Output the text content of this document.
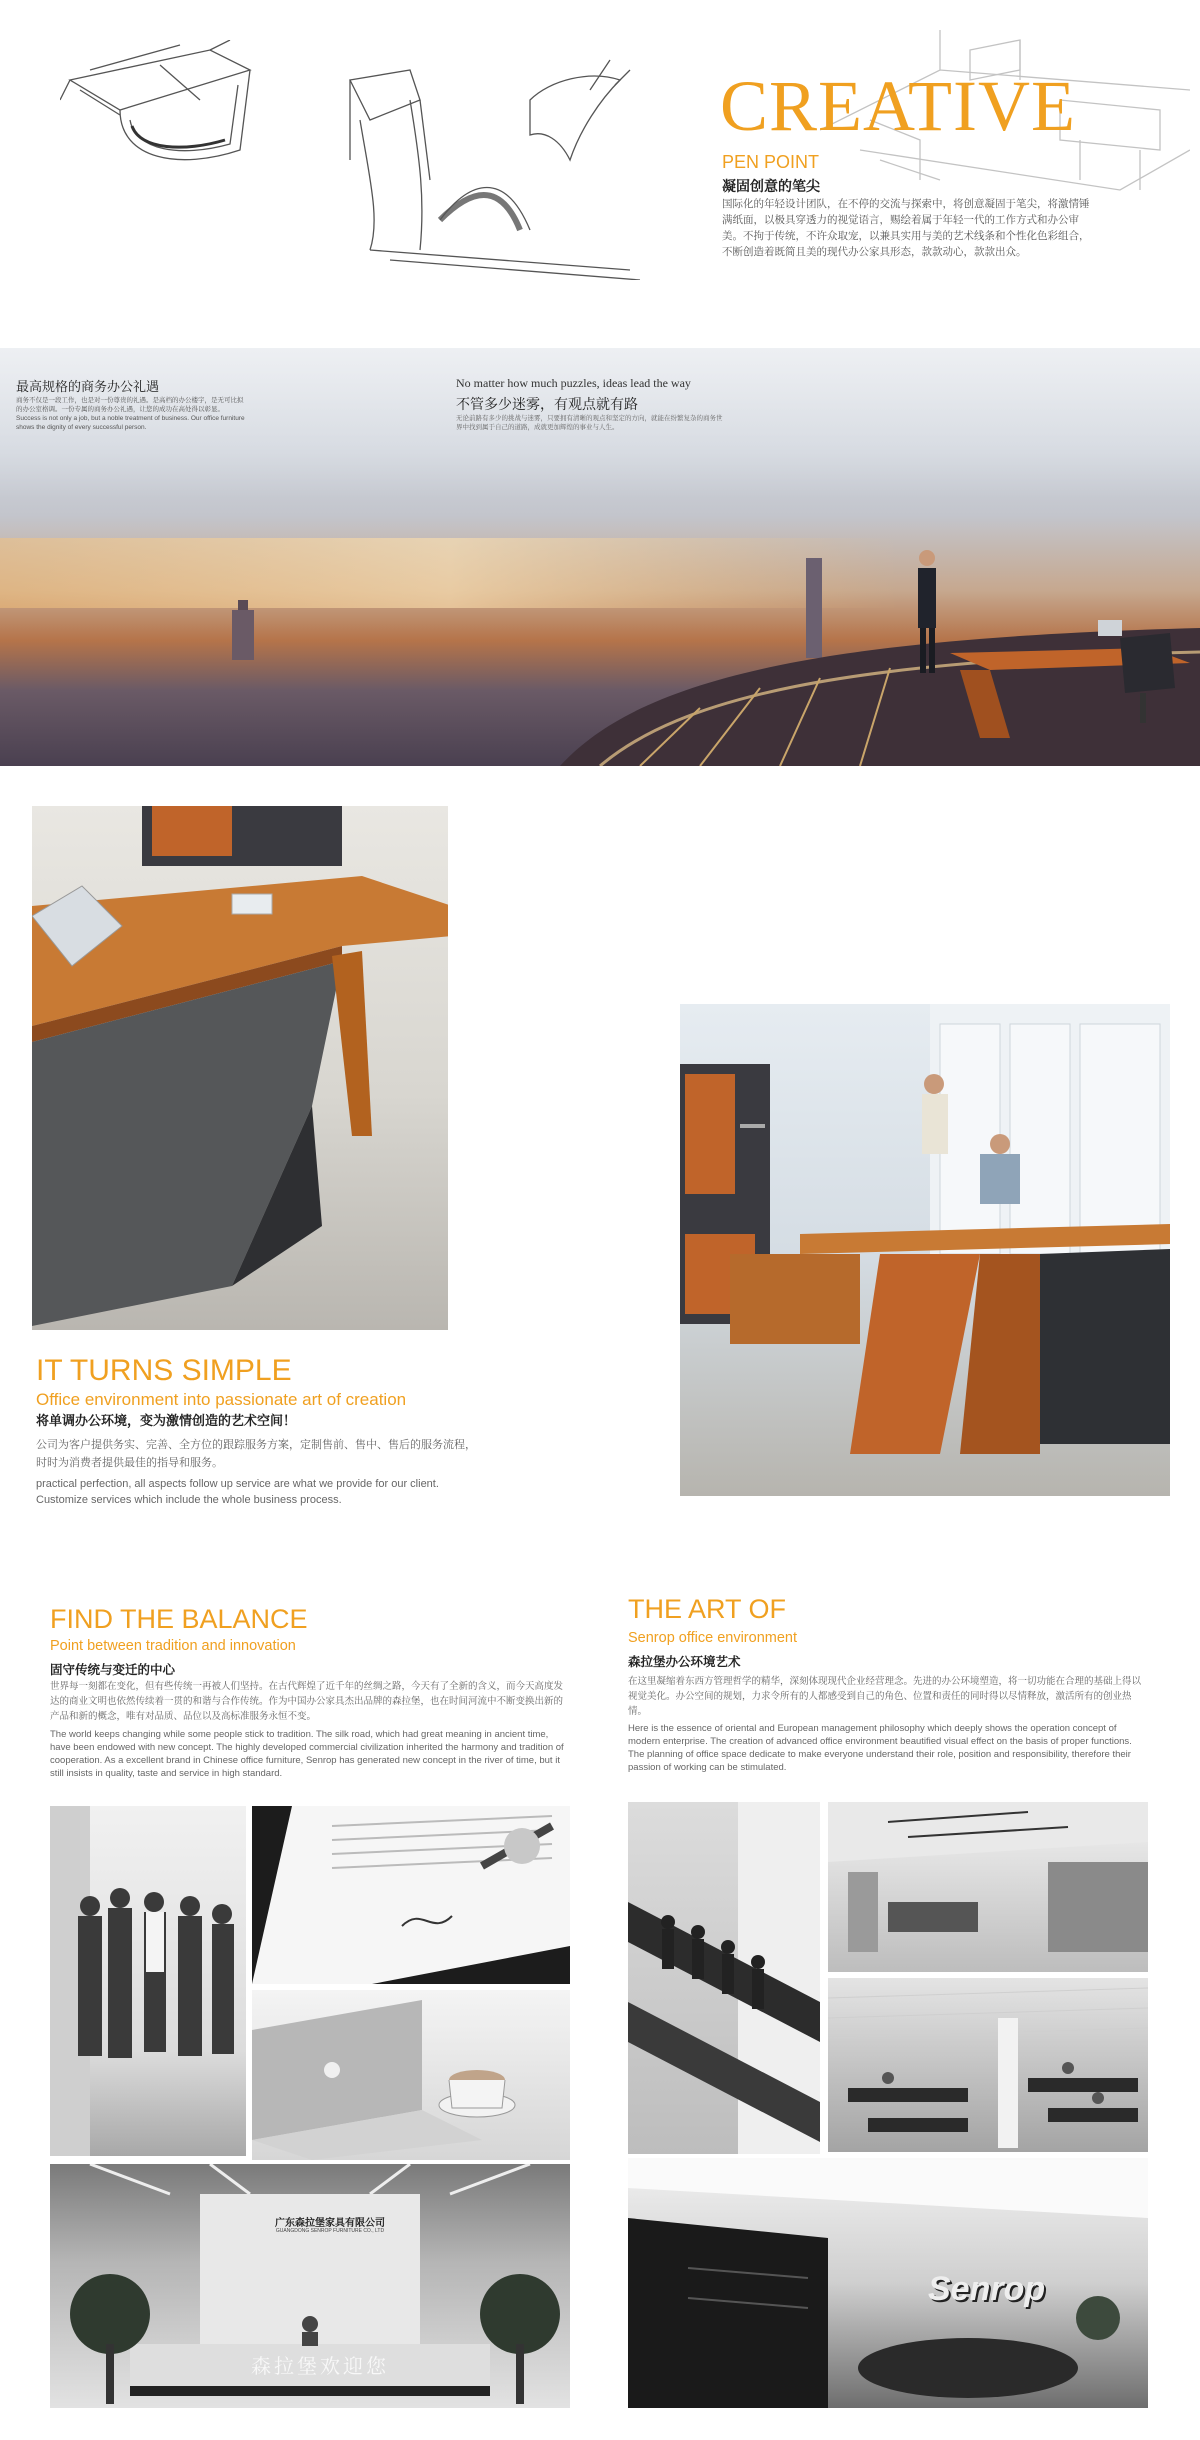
CREATIVE
PEN POINT
凝固创意的笔尖
国际化的年轻设计团队，在不停的交流与探索中，将创意凝固于笔尖，将激情锤满纸面，以极具穿透力的视觉语言，赐绘着属于年轻一代的工作方式和办公审美。不拘于传统，不许众取宠，以兼具实用与美的艺术线条和个性化色彩组合，不断创造着既简且美的现代办公家具形态，款款动心，款款出众。
最高规格的商务办公礼遇
商务不仅是一段工作，也是对一份尊贵的礼遇。是高档的办公楼宇，是无可比拟的办公室格调。一份专属的商务办公礼遇，让您的成功在高处得以彰显。Success is not only a job, but a noble treatment of business. Our office furniture shows the dignity of every successful person.
No matter how much puzzles, ideas lead the way
不管多少迷雾，有观点就有路
无论前路有多少的挑战与迷雾，只要拥有清晰的观点和坚定的方向，就能在纷繁复杂的商务世界中找到属于自己的道路，成就更加辉煌的事业与人生。
IT TURNS SIMPLE
Office environment into passionate art of creation
将单调办公环境，变为激情创造的艺术空间！
公司为客户提供务实、完善、全方位的跟踪服务方案，定制售前、售中、售后的服务流程，时时为消费者提供最佳的指导和服务。
practical perfection, all aspects follow up service are what we provide for our client. Customize services which include the whole business process.
FIND THE BALANCE
Point between tradition and innovation
固守传统与变迁的中心
世界每一刻都在变化，但有些传统一再被人们坚持。在古代辉煌了近千年的丝绸之路，今天有了全新的含义，而今天高度发达的商业文明也依然传续着一贯的和谐与合作传统。作为中国办公家具杰出品牌的森拉堡，也在时间河流中不断变换出新的产品和新的概念，唯有对品质、品位以及高标准服务永恒不变。
The world keeps changing while some people stick to tradition. The silk road, which had great meaning in ancient time, have been endowed with new concept. The highly developed commercial civilization inherited the harmony and tradition of cooperation. As a excellent brand in Chinese office furniture, Senrop has generated new concept in the river of time, but it still insists in quality, taste and service in high standard.
THE ART OF
Senrop office environment
森拉堡办公环境艺术
在这里凝缩着东西方管理哲学的精华，深刻体现现代企业经营理念。先进的办公环境塑造，将一切功能在合理的基础上得以视觉美化。办公空间的规划，力求令所有的人都感受到自己的角色、位置和责任的同时得以尽情释放，激活所有的创业热情。
Here is the essence of oriental and European management philosophy which deeply shows the operation concept of modern enterprise. The creation of advanced office environment beautified visual effect on the basis of proper functions. The planning of office space dedicate to make everyone understand their role, position and responsibility, therefore their passion of working can be stimulated.
广东森拉堡家具有限公司
GUANGDONG SENROP FURNITURE CO., LTD
森拉堡欢迎您
Senrop
